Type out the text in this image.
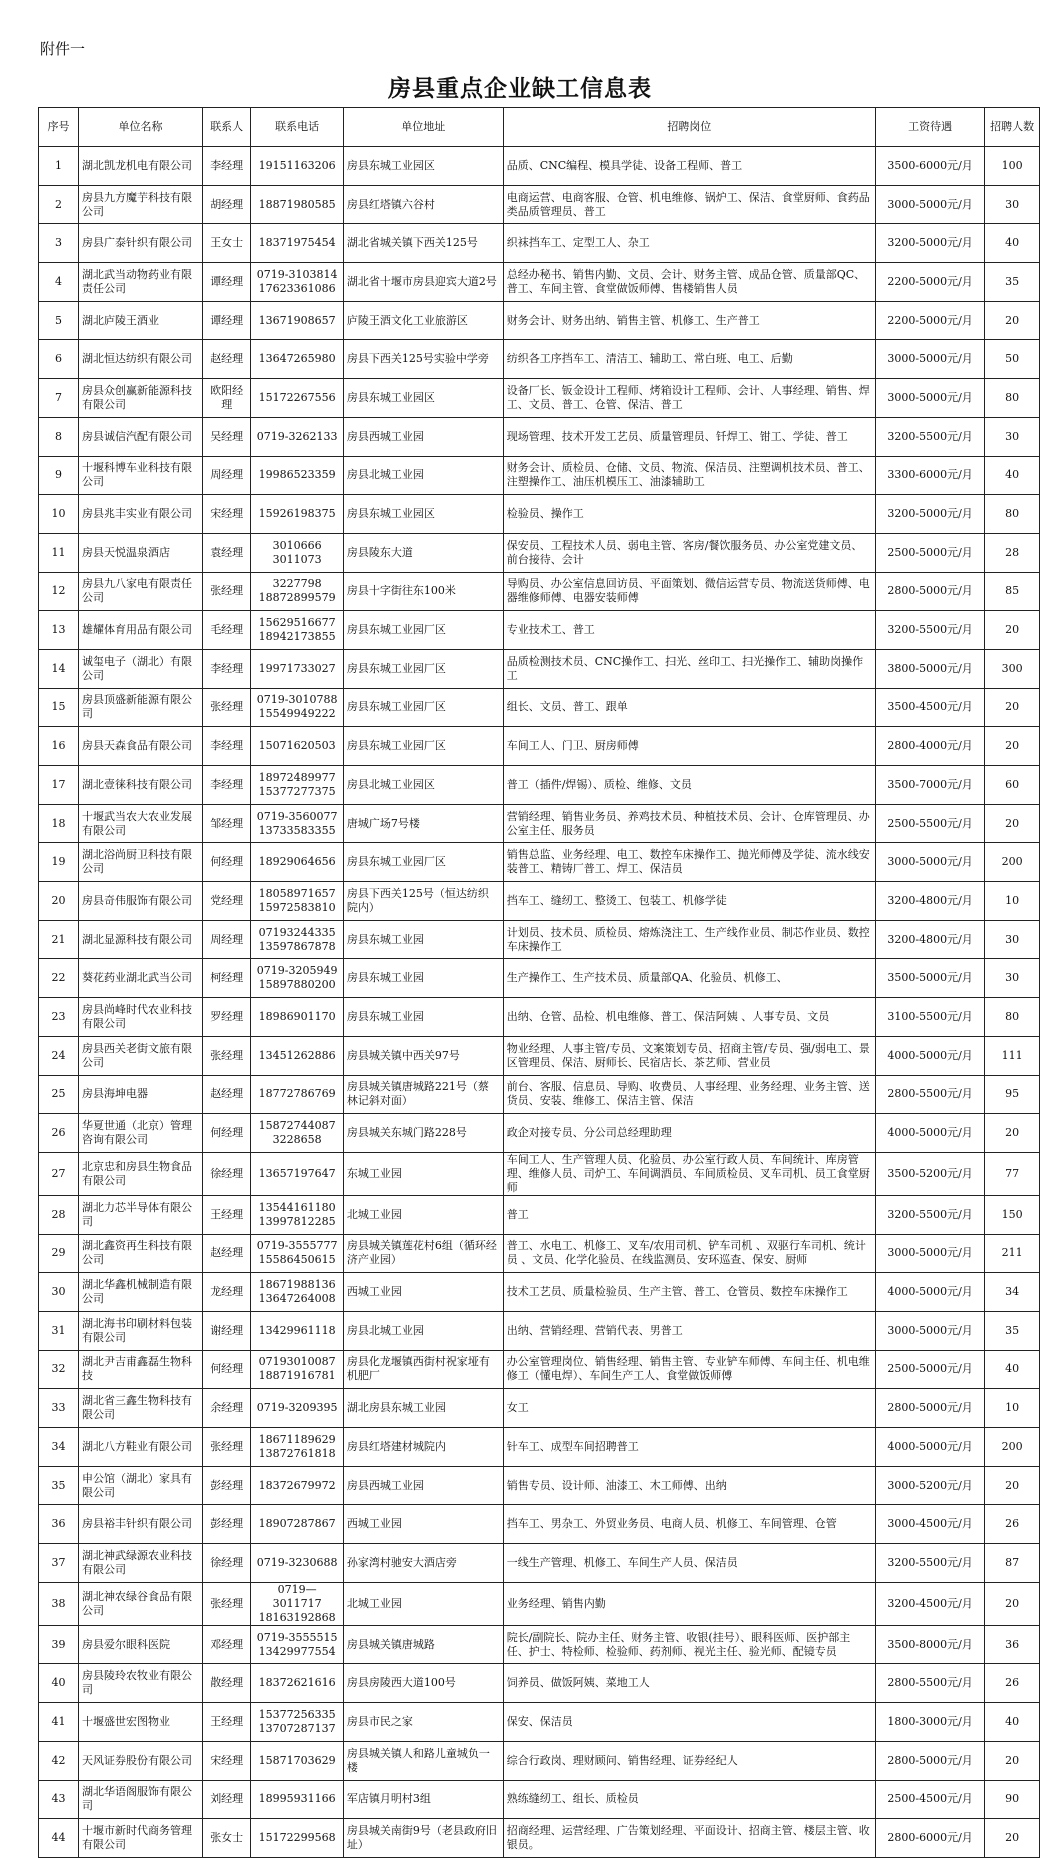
附件一
房县重点企业缺工信息表
序号	单位名称	联系人	联系电话	单位地址	招聘岗位	工资待遇	招聘人数
1	湖北凯龙机电有限公司	李经理	19151163206	房县东城工业园区	品质、CNC编程、模具学徒、设备工程师、普工	3500-6000元/月	100
2	房县九方魔芋科技有限公司	胡经理	18871980585	房县红塔镇六谷村	电商运营、电商客服、仓管、机电维修、锅炉工、保洁、食堂厨师、食药品类品质管理员、普工	3000-5000元/月	30
3	房县广泰针织有限公司	王女士	18371975454	湖北省城关镇下西关125号	织袜挡车工、定型工人、杂工	3200-5000元/月	40
4	湖北武当动物药业有限责任公司	谭经理	0719-3103814 17623361086	湖北省十堰市房县迎宾大道2号	总经办秘书、销售内勤、文员、会计、财务主管、成品仓管、质量部QC、普工、车间主管、食堂做饭师傅、售楼销售人员	2200-5000元/月	35
5	湖北庐陵王酒业	谭经理	13671908657	庐陵王酒文化工业旅游区	财务会计、财务出纳、销售主管、机修工、生产普工	2200-5000元/月	20
6	湖北恒达纺织有限公司	赵经理	13647265980	房县下西关125号实验中学旁	纺织各工序挡车工、清洁工、辅助工、常白班、电工、后勤	3000-5000元/月	50
7	房县众创赢新能源科技有限公司	欧阳经理	15172267556	房县东城工业园区	设备厂长、钣金设计工程师、烤箱设计工程师、会计、人事经理、销售、焊工、文员、普工、仓管、保洁、普工	3000-5000元/月	80
8	房县诚信汽配有限公司	吴经理	0719-3262133	房县西城工业园	现场管理、技术开发工艺员、质量管理员、钎焊工、钳工、学徒、普工	3200-5500元/月	30
9	十堰科博车业科技有限公司	周经理	19986523359	房县北城工业园	财务会计、质检员、仓储、文员、物流、保洁员、注塑调机技术员、普工、注塑操作工、油压机模压工、油漆辅助工	3300-6000元/月	40
10	房县兆丰实业有限公司	宋经理	15926198375	房县东城工业园区	检验员、操作工	3200-5000元/月	80
11	房县天悦温泉酒店	袁经理	3010666 3011073	房县陵东大道	保安员、工程技术人员、弱电主管、客房/餐饮服务员、办公室党建文员、前台接待、会计	2500-5000元/月	28
12	房县九八家电有限责任公司	张经理	3227798 18872899579	房县十字街往东100米	导购员、办公室信息回访员、平面策划、微信运营专员、物流送货师傅、电器维修师傅、电器安装师傅	2800-5000元/月	85
13	雄耀体育用品有限公司	毛经理	15629516677 18942173855	房县东城工业园厂区	专业技术工、普工	3200-5500元/月	20
14	诚玺电子（湖北）有限公司	李经理	19971733027	房县东城工业园厂区	品质检测技术员、CNC操作工、扫光、丝印工、扫光操作工、辅助岗操作工	3800-5000元/月	300
15	房县顶盛新能源有限公司	张经理	0719-3010788 15549949222	房县东城工业园厂区	组长、文员、普工、跟单	3500-4500元/月	20
16	房县天森食品有限公司	李经理	15071620503	房县东城工业园厂区	车间工人、门卫、厨房师傅	2800-4000元/月	20
17	湖北壹徕科技有限公司	李经理	18972489977 15377277375	房县北城工业园区	普工（插件/焊锡）、质检、维修、文员	3500-7000元/月	60
18	十堰武当农大农业发展有限公司	邹经理	0719-3560077 13733583355	唐城广场7号楼	营销经理、销售业务员、养鸡技术员、种植技术员、会计、仓库管理员、办公室主任、服务员	2500-5500元/月	20
19	湖北浴尚厨卫科技有限公司	何经理	18929064656	房县东城工业园厂区	销售总监、业务经理、电工、数控车床操作工、抛光师傅及学徒、流水线安装普工、精铸厂普工、焊工、保洁员	3000-5000元/月	200
20	房县奇伟服饰有限公司	党经理	18058971657 15972583810	房县下西关125号（恒达纺织院内）	挡车工、缝纫工、整烫工、包装工、机修学徒	3200-4800元/月	10
21	湖北显源科技有限公司	周经理	07193244335 13597867878	房县东城工业园	计划员、技术员、质检员、熔炼浇注工、生产线作业员、制芯作业员、数控车床操作工	3200-4800元/月	30
22	葵花药业湖北武当公司	柯经理	0719-3205949 15897880200	房县东城工业园	生产操作工、生产技术员、质量部QA、化验员、机修工、	3500-5000元/月	30
23	房县尚峰时代农业科技有限公司	罗经理	18986901170	房县东城工业园	出纳、仓管、品检、机电维修、普工、保洁阿姨 、人事专员、文员	3100-5500元/月	80
24	房县西关老街文旅有限公司	张经理	13451262886	房县城关镇中西关97号	物业经理、人事主管/专员、文案策划专员、招商主管/专员、强/弱电工、景区管理员、保洁、厨师长、民宿店长、茶艺师、营业员	4000-5000元/月	111
25	房县海坤电器	赵经理	18772786769	房县城关镇唐城路221号（蔡林记斜对面）	前台、客服、信息员、导购、收费员、人事经理、业务经理、业务主管、送货员、安装、维修工、保洁主管、保洁	2800-5500元/月	95
26	华夏世通（北京）管理咨询有限公司	何经理	15872744087 3228658	房县城关东城门路228号	政企对接专员、分公司总经理助理	4000-5000元/月	20
27	北京忠和房县生物食品有限公司	徐经理	13657197647	东城工业园	车间工人、生产管理人员、化验员、办公室行政人员、车间统计、库房管理、维修人员、司炉工、车间调酒员、车间质检员、叉车司机、员工食堂厨师	3500-5200元/月	77
28	湖北力芯半导体有限公司	王经理	13544161180 13997812285	北城工业园	普工	3200-5500元/月	150
29	湖北鑫资再生科技有限公司	赵经理	0719-3555777 15586450615	房县城关镇莲花村6组（循环经济产业园）	普工、水电工、机修工、叉车/农用司机、铲车司机 、双驱行车司机、统计员 、文员、化学化验员、在线监测员、安环巡查、保安、厨师	3000-5000元/月	211
30	湖北华鑫机械制造有限公司	龙经理	18671988136 13647264008	西城工业园	技术工艺员、质量检验员、生产主管、普工、仓管员、数控车床操作工	4000-5000元/月	34
31	湖北海书印刷材料包装有限公司	谢经理	13429961118	房县北城工业园	出纳、营销经理、营销代表、男普工	3000-5000元/月	35
32	湖北尹吉甫鑫磊生物科技	何经理	07193010087 18871916781	房县化龙堰镇西街村祝家垭有机肥厂	办公室管理岗位、销售经理、销售主管、专业铲车师傅、车间主任、机电维修工（懂电焊）、车间生产工人、食堂做饭师傅	2500-5000元/月	40
33	湖北省三鑫生物科技有限公司	余经理	0719-3209395	湖北房县东城工业园	女工	2800-5000元/月	10
34	湖北八方鞋业有限公司	张经理	18671189629 13872761818	房县红塔建材城院内	针车工、成型车间招聘普工	4000-5000元/月	200
35	申公馆（湖北）家具有限公司	彭经理	18372679972	房县西城工业园	销售专员、设计师、油漆工、木工师傅、出纳	3000-5200元/月	20
36	房县裕丰针织有限公司	彭经理	18907287867	西城工业园	挡车工、男杂工、外贸业务员、电商人员、机修工、车间管理、仓管	3000-4500元/月	26
37	湖北神武绿源农业科技有限公司	徐经理	0719-3230688	孙家湾村驰安大酒店旁	一线生产管理、机修工、车间生产人员、保洁员	3200-5500元/月	87
38	湖北神农绿谷食品有限公司	张经理	0719—3011717 18163192868	北城工业园	业务经理、销售内勤	3200-4500元/月	20
39	房县爱尔眼科医院	邓经理	0719-3555515 13429977554	房县城关镇唐城路	院长/副院长、院办主任、财务主管、收银(挂号）、眼科医师、医护部主任、护士、特检师、检验师、药剂师、视光主任、验光师、配镜专员	3500-8000元/月	36
40	房县陵玲农牧业有限公司	散经理	18372621616	房县房陵西大道100号	饲养员、做饭阿姨、菜地工人	2800-5500元/月	26
41	十堰盛世宏图物业	王经理	15377256335 13707287137	房县市民之家	保安、保洁员	1800-3000元/月	40
42	天风证券股份有限公司	宋经理	15871703629	房县城关镇人和路儿童城负一楼	综合行政岗、理财顾问、销售经理、证券经纪人	2800-5000元/月	20
43	湖北华语阁服饰有限公司	刘经理	18995931166	军店镇月明村3组	熟练缝纫工、组长、质检员	2500-4500元/月	90
44	十堰市新时代商务管理有限公司	张女士	15172299568	房县城关南街9号（老县政府旧址）	招商经理、运营经理、广告策划经理、平面设计、招商主管、楼层主管、收银员。	2800-6000元/月	20
